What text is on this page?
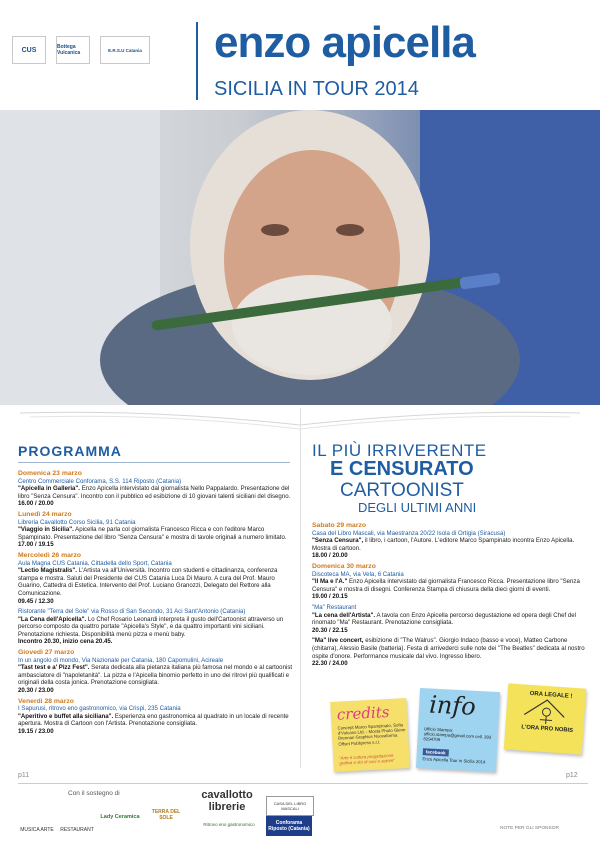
CUS	Bottega Vulcanica	E.R.S.U Catania enzo apicella
SICILIA IN TOUR 2014
PROGRAMMA
Domenica 23 marzo
Centro Commerciale Conforama, S.S. 114 Riposto (Catania)
"Apicella in Galleria". Enzo Apicella intervistato dal giornalista Nello Pappalardo. Presentazione del libro "Senza Censura". Incontro con il pubblico ed esibizione di 10 giovani talenti siciliani del disegno.
16.00 / 20.00
Lunedì 24 marzo
Libreria Cavallotto Corso Sicilia, 91 Catania
"Viaggio in Sicilia". Apicella ne parla col giornalista Francesco Ricca e con l'editore Marco Spampinato. Presentazione del libro "Senza Censura" e mostra di tavole originali a numero limitato.
17.00 / 19.15
Mercoledì 26 marzo
Aula Magna CUS Catania, Cittadella dello Sport, Catania
"Lectio Magistralis". L'Artista va all'Università. Incontro con studenti e cittadinanza, conferenza stampa e mostra. Saluti del Presidente del CUS Catania Luca Di Mauro. A cura del Prof. Mauro Guarino, Cattedra di Estetica. Intervento del Prof. Luciano Granozzi, Delegato del Rettore alla Comunicazione.
09.45 / 12.30
Ristorante "Terra del Sole" via Rosso di San Secondo, 31 Aci Sant'Antonio (Catania)
"La Cena dell'Apicella". Lo Chef Rosario Leonardi interpreta il gusto dell'Cartoonist attraverso un percorso composto da quattro portate "Apicella's Style", e da quattro importanti vini siciliani. Prenotazione richiesta. Disponibilità menù pizza e menù baby.
Incontro 20.30, inizio cena 20.45.
Giovedì 27 marzo
In un angolo di mondo, Via Nazionale per Catania, 180 Capomulini, Acireale
"Tast test e a' Pizz Fest". Serata dedicata alla pietanza italiana più famosa nel mondo e al cartoonist ambasciatore di "napoletanità". La pizza e l'Apicella binomio perfetto in uno dei ritrovi più qualificati e originali della costa jonica. Prenotazione consigliata.
20.30 / 23.00
Venerdì 28 marzo
I Sapurusi, ritrovo eno gastronomico, via Crispi, 235 Catania
"Aperitivo e buffet alla siciliana". Esperienza eno gastronomica al quadrato in un locale di recente apertura. Mostra di Cartoon con l'Artista. Prenotazione consigliata.
19.15 / 23.00
IL PIÙ IRRIVERENTE
E CENSURATO
CARTOONIST
DEGLI ULTIMI ANNI
Sabato 29 marzo
Casa del Libro Mascali, via Maestranza 20/22 Isola di Ortigia (Siracusa)
"Senza Censura", il libro, i cartoon, l'Autore. L'editore Marco Spampinato incontra Enzo Apicella. Mostra di cartoon.
18.00 / 20.00
Domenica 30 marzo
Discoteca MA, via Vela, 6 Catania
"Il Ma e l'A." Enzo Apicella intervistato dal giornalista Francesco Ricca. Presentazione libro "Senza Censura" e mostra di disegni. Conferenza Stampa di chiusura della dieci giorni di eventi.
19.00 / 20.15
"Ma" Restaurant
"La cena dell'Artista". A tavola con Enzo Apicella percorso degustazione ed opera degli Chef del rinomato "Ma" Restaurant. Prenotazione consigliata.
20.30 / 22.15
"Ma" live concert, esibizione di "The Walrus". Giorgio Indaco (basso e voce), Matteo Carbone (chitarra), Alessio Basile (batteria). Festa di arrivederci sulle note dei "The Beatles" dedicata al nostro ospite d'onore. Performance musicale dal vivo. Ingresso libero.
22.30 / 24.00
credits
Concept Marco Spampinato, Sofia d'Vulcano Ltd. - Mosta Photo Glenn Brennan Graphics Nuovaforma Offset Publipress s.r.l.
"Arte è cultura progettazione grafica e sbì di suoi e autore"
info
Ufficio Stampa: ufficio.stampa@gmail.com cell. 393 8294709
facebook
Enzo Apicella Tour in Sicilia 2014
ORA LEGALE !
L'ORA PRO NOBIS
p11	p12
Con il sostegno di
MUSICA ARTE RESTAURANT
Lady Ceramica
TERRA DEL SOLE
cavallotto librerie
Ritrovo eno gastronomico
CASA DEL LIBRO MASCALI
Conforama Riposto (Catania)	NOTE PER GLI SPONSOR
